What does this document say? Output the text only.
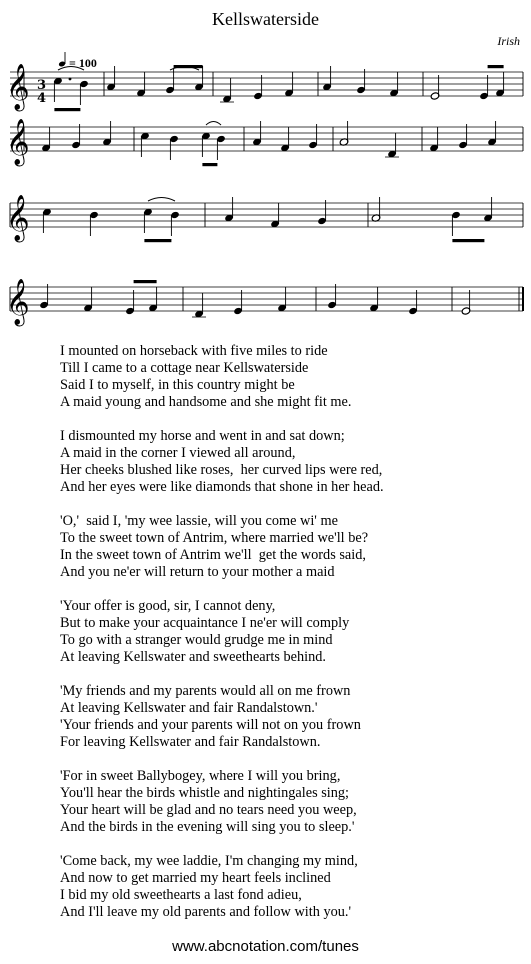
Kellswaterside
Irish
𝄞
𝄞
𝄞
𝄞
3
4
= 100
I mounted on horseback with five miles to ride
Till I came to a cottage near Kellswaterside
Said I to myself, in this country might be
A maid young and handsome and she might fit me.
I dismounted my horse and went in and sat down;
A maid in the corner I viewed all around,
Her cheeks blushed like roses,  her curved lips were red,
And her eyes were like diamonds that shone in her head.
'O,'  said I, 'my wee lassie, will you come wi' me
To the sweet town of Antrim, where married we'll be?
In the sweet town of Antrim we'll  get the words said,
And you ne'er will return to your mother a maid
'Your offer is good, sir, I cannot deny,
But to make your acquaintance I ne'er will comply
To go with a stranger would grudge me in mind
At leaving Kellswater and sweethearts behind.
'My friends and my parents would all on me frown
At leaving Kellswater and fair Randalstown.'
'Your friends and your parents will not on you frown
For leaving Kellswater and fair Randalstown.
'For in sweet Ballybogey, where I will you bring,
You'll hear the birds whistle and nightingales sing;
Your heart will be glad and no tears need you weep,
And the birds in the evening will sing you to sleep.'
'Come back, my wee laddie, I'm changing my mind,
And now to get married my heart feels inclined
I bid my old sweethearts a last fond adieu,
And I'll leave my old parents and follow with you.'
www.abcnotation.com/tunes
